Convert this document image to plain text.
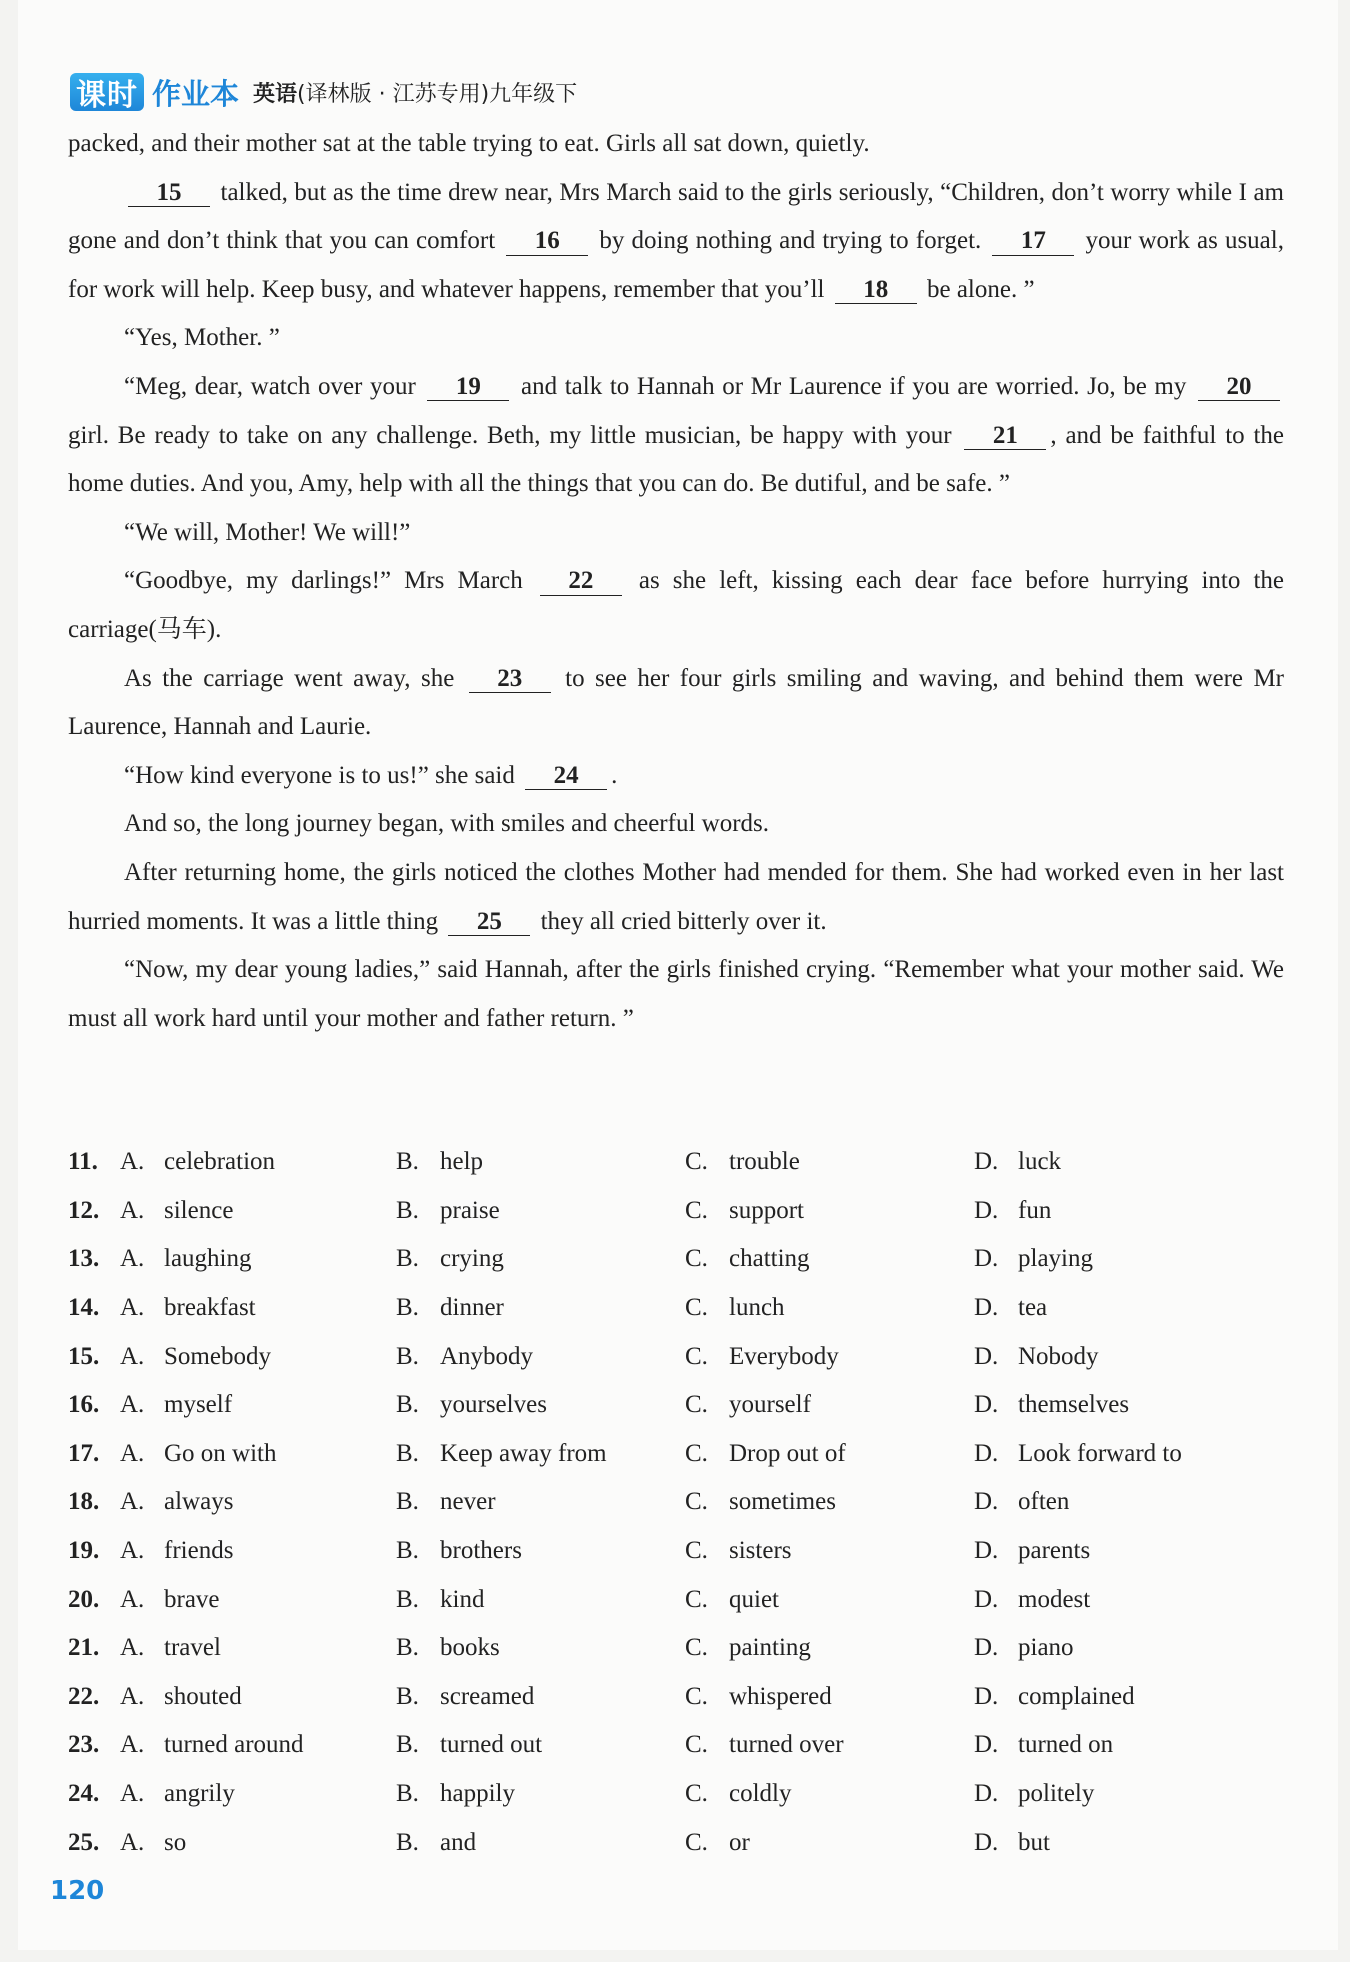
课时 作业本 英语(译林版 · 江苏专用)九年级下

packed, and their mother sat at the table trying to eat. Girls all sat down, quietly.

15 talked, but as the time drew near, Mrs March said to the girls seriously, “Children, don’t worry while I am gone and don’t think that you can comfort 16 by doing nothing and trying to forget. 17 your work as usual, for work will help. Keep busy, and whatever happens, remember that you’ll 18 be alone. ”

“Yes, Mother. ”

“Meg, dear, watch over your 19 and talk to Hannah or Mr Laurence if you are worried. Jo, be my 20 girl. Be ready to take on any challenge. Beth, my little musician, be happy with your 21 , and be faithful to the home duties. And you, Amy, help with all the things that you can do. Be dutiful, and be safe. ”

“We will, Mother! We will!”

“Goodbye, my darlings!” Mrs March 22 as she left, kissing each dear face before hurrying into the carriage(马车).

As the carriage went away, she 23 to see her four girls smiling and waving, and behind them were Mr Laurence, Hannah and Laurie.

“How kind everyone is to us!” she said 24 .

And so, the long journey began, with smiles and cheerful words.

After returning home, the girls noticed the clothes Mother had mended for them. She had worked even in her last hurried moments. It was a little thing 25 they all cried bitterly over it.

“Now, my dear young ladies,” said Hannah, after the girls finished crying. “Remember what your mother said. We must all work hard until your mother and father return. ”

11. A. celebration	B. help	C. trouble	D. luck
12. A. silence	B. praise	C. support	D. fun
13. A. laughing	B. crying	C. chatting	D. playing
14. A. breakfast	B. dinner	C. lunch	D. tea
15. A. Somebody	B. Anybody	C. Everybody	D. Nobody
16. A. myself	B. yourselves	C. yourself	D. themselves
17. A. Go on with	B. Keep away from	C. Drop out of	D. Look forward to
18. A. always	B. never	C. sometimes	D. often
19. A. friends	B. brothers	C. sisters	D. parents
20. A. brave	B. kind	C. quiet	D. modest
21. A. travel	B. books	C. painting	D. piano
22. A. shouted	B. screamed	C. whispered	D. complained
23. A. turned around	B. turned out	C. turned over	D. turned on
24. A. angrily	B. happily	C. coldly	D. politely
25. A. so	B. and	C. or	D. but
120
